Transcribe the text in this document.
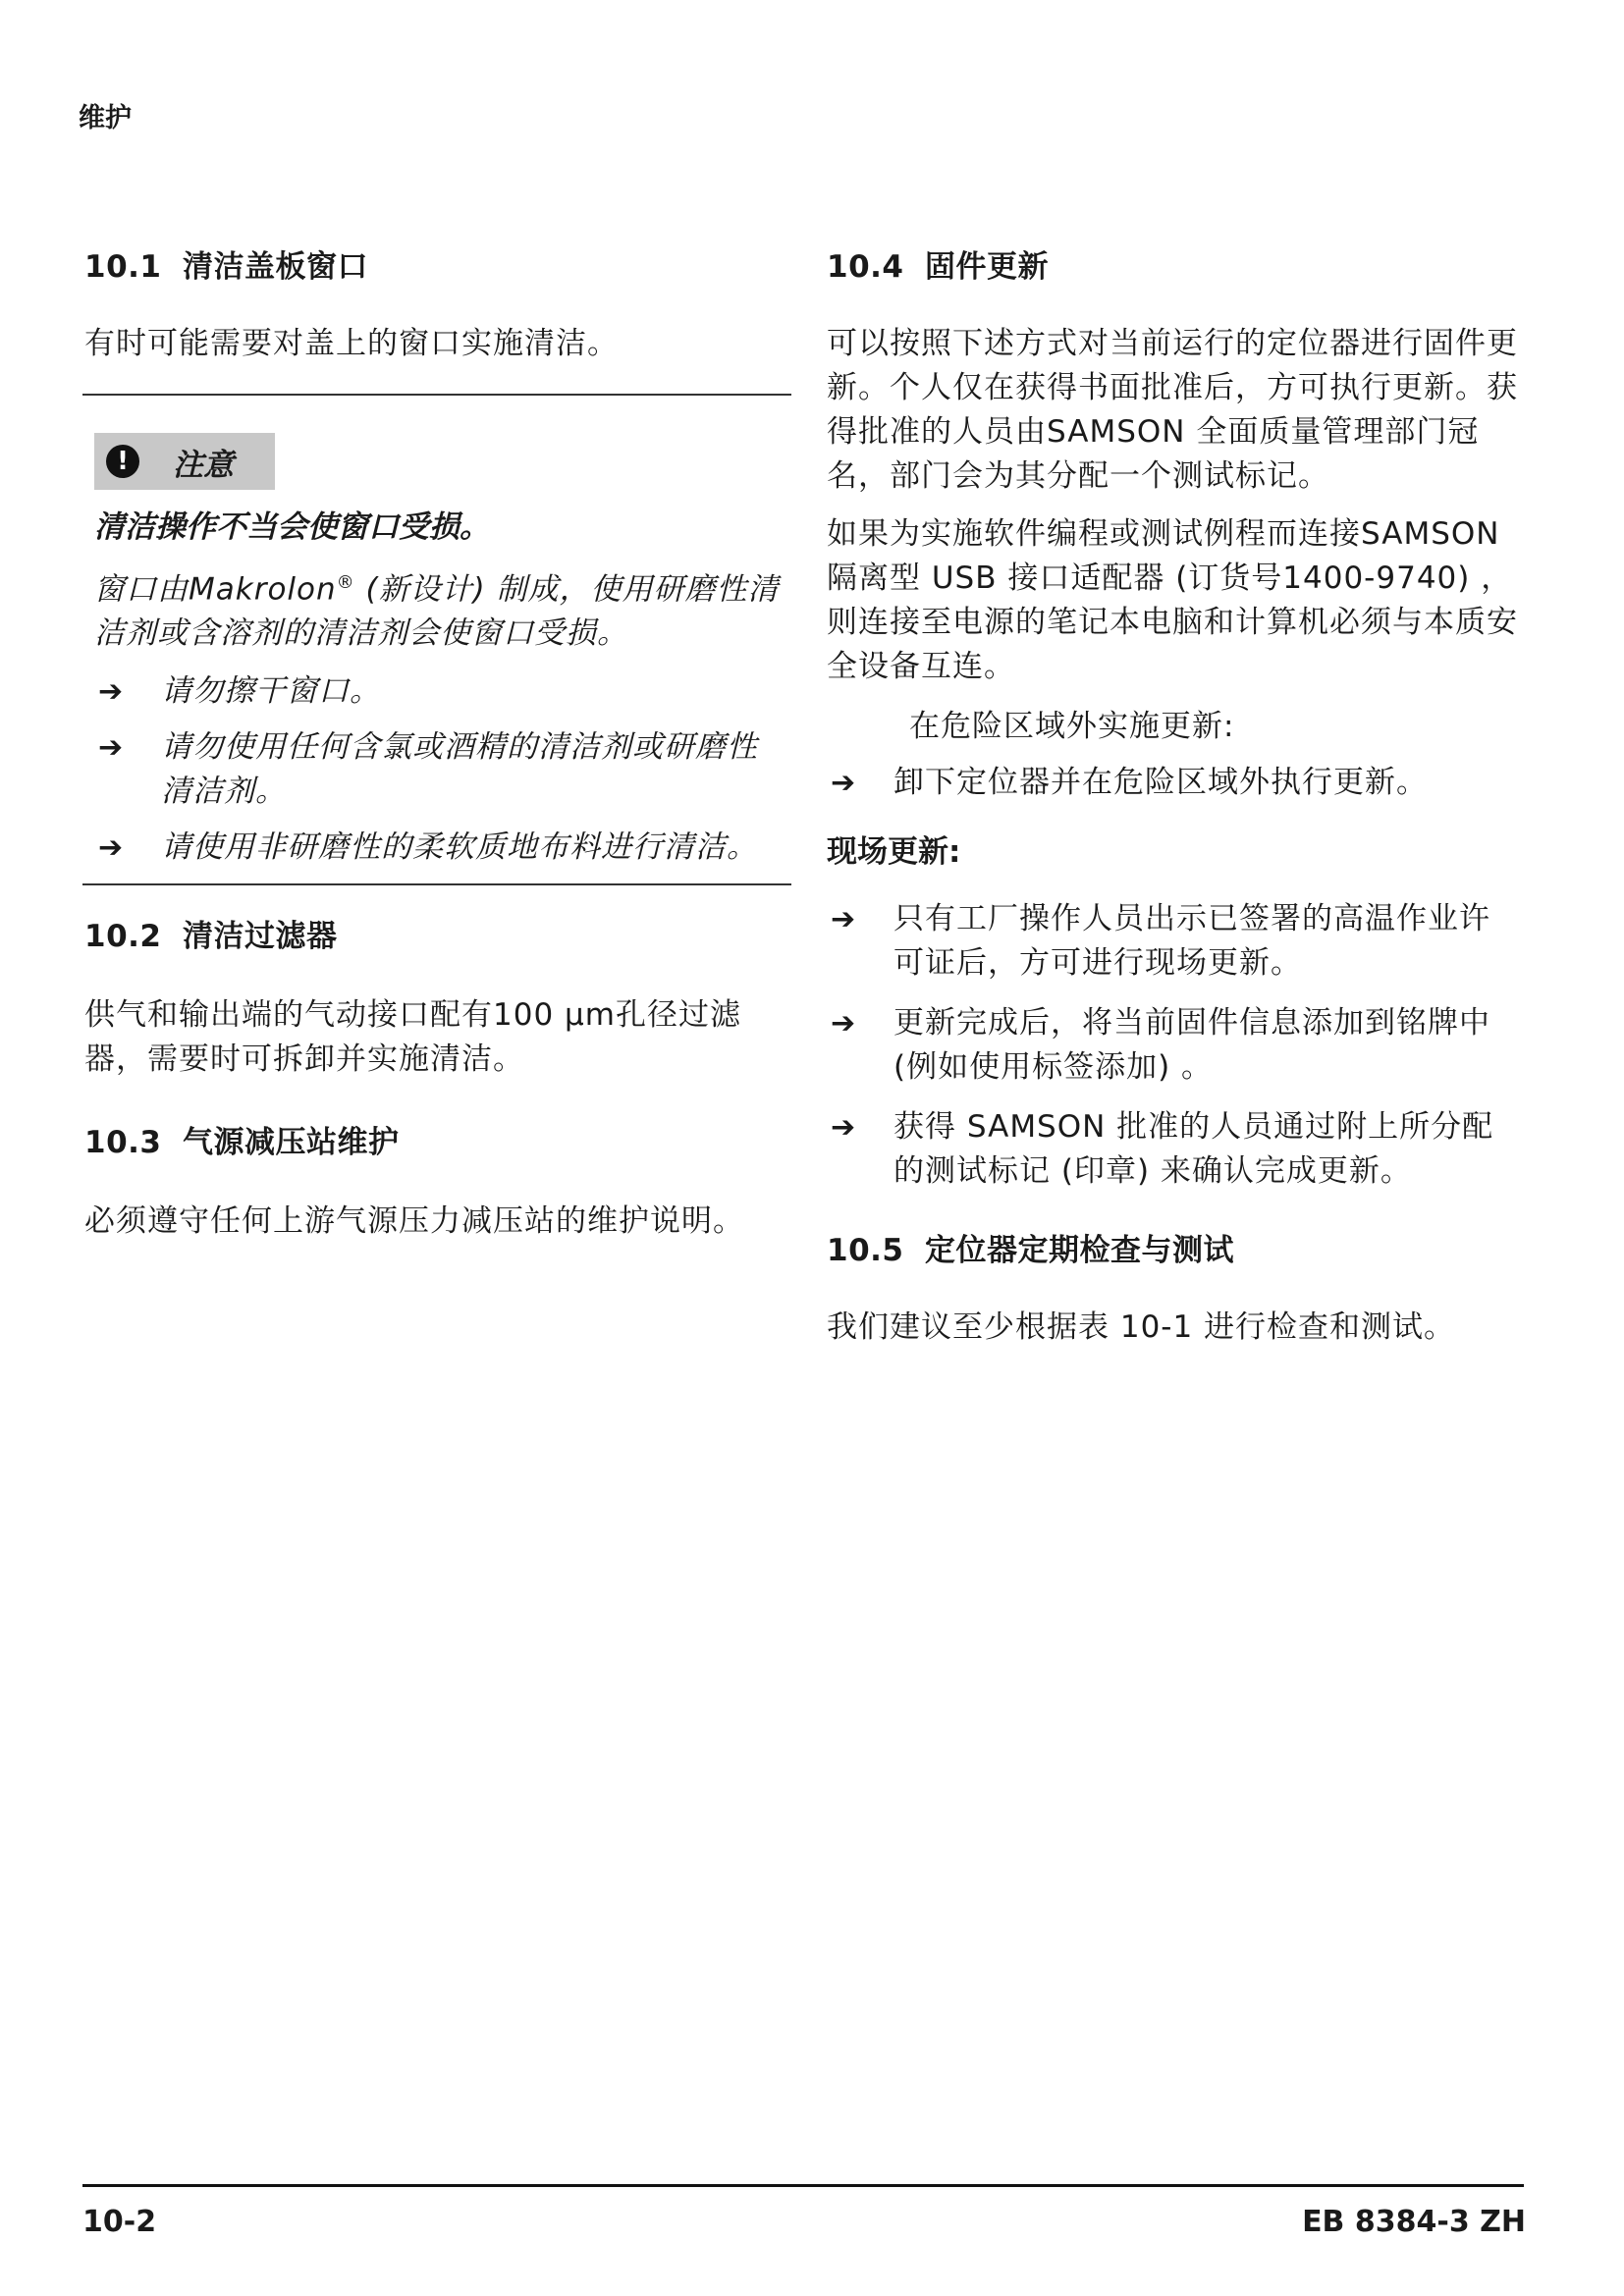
维护
10.1 清洁盖板窗口

有时可能需要对盖上的窗口实施清洁。

!	注意

清洁操作不当会使窗口受损。

窗口由Makrolon® (新设计) 制成，使用研磨性清洁剂或含溶剂的清洁剂会使窗口受损。

➔ 请勿擦干窗口。
➔ 请勿使用任何含氯或酒精的清洁剂或研磨性清洁剂。
➔ 请使用非研磨性的柔软质地布料进行清洁。
10.2 清洁过滤器

供气和输出端的气动接口配有100 μm孔径过滤器，需要时可拆卸并实施清洁。

10.3 气源减压站维护

必须遵守任何上游气源压力减压站的维护说明。

10.4 固件更新

可以按照下述方式对当前运行的定位器进行固件更新。个人仅在获得书面批准后，方可执行更新。获得批准的人员由SAMSON 全面质量管理部门冠名，部门会为其分配一个测试标记。

如果为实施软件编程或测试例程而连接SAMSON 隔离型 USB 接口适配器 (订货号1400-9740) ，则连接至电源的笔记本电脑和计算机必须与本质安全设备互连。

在危险区域外实施更新:

➔ 卸下定位器并在危险区域外执行更新。

现场更新:

➔ 只有工厂操作人员出示已签署的高温作业许可证后，方可进行现场更新。
➔ 更新完成后，将当前固件信息添加到铭牌中 (例如使用标签添加) 。
➔ 获得 SAMSON 批准的人员通过附上所分配的测试标记 (印章) 来确认完成更新。
10.5 定位器定期检查与测试

我们建议至少根据表 10-1 进行检查和测试。

10-2	EB 8384-3 ZH
